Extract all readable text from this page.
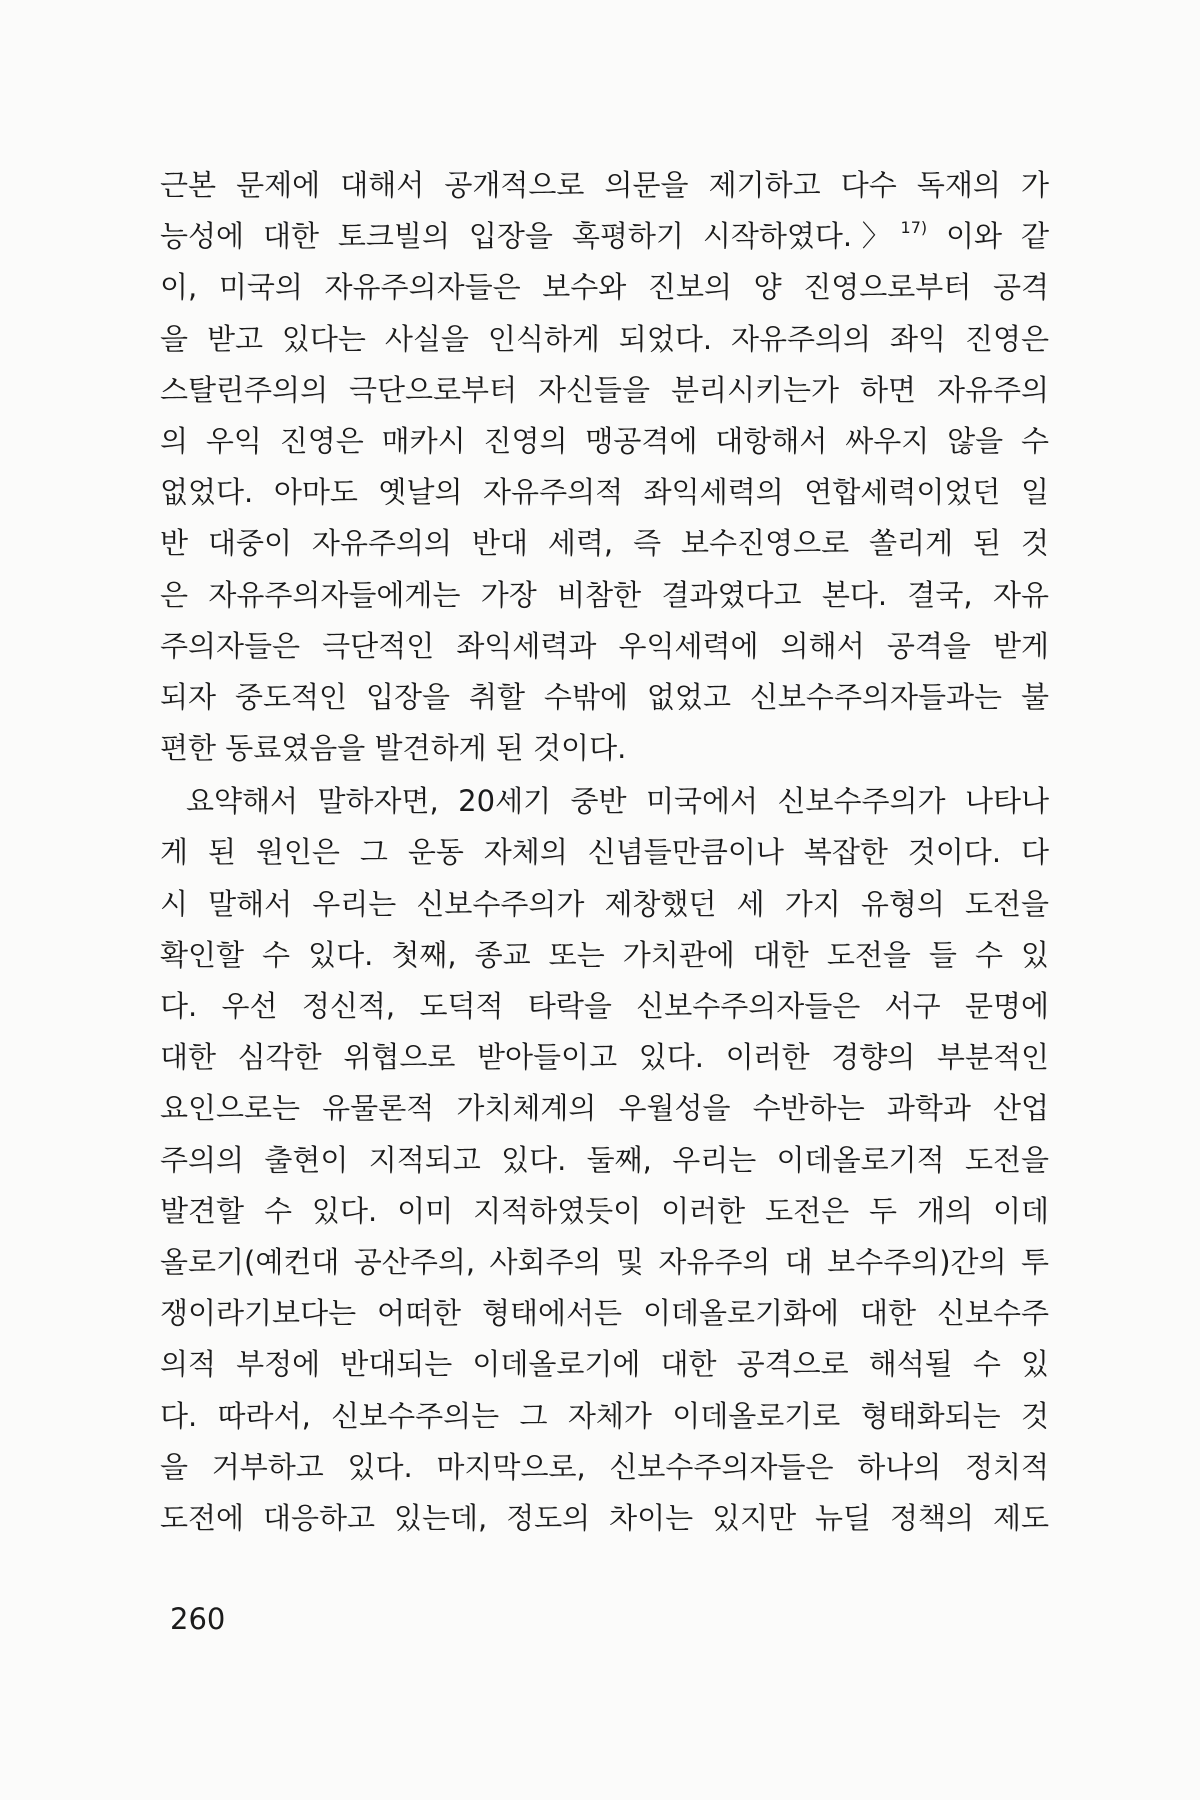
근본 문제에 대해서 공개적으로 의문을 제기하고 다수 독재의 가
능성에 대한 토크빌의 입장을 혹평하기 시작하였다.〉$^{17)}$ 이와 같
이, 미국의 자유주의자들은 보수와 진보의 양 진영으로부터 공격
을 받고 있다는 사실을 인식하게 되었다. 자유주의의 좌익 진영은
스탈린주의의 극단으로부터 자신들을 분리시키는가 하면 자유주의
의 우익 진영은 매카시 진영의 맹공격에 대항해서 싸우지 않을 수
없었다. 아마도 옛날의 자유주의적 좌익세력의 연합세력이었던 일
반 대중이 자유주의의 반대 세력, 즉 보수진영으로 쏠리게 된 것
은 자유주의자들에게는 가장 비참한 결과였다고 본다. 결국, 자유
주의자들은 극단적인 좌익세력과 우익세력에 의해서 공격을 받게
되자 중도적인 입장을 취할 수밖에 없었고 신보수주의자들과는 불
편한 동료였음을 발견하게 된 것이다.
요약해서 말하자면, 20세기 중반 미국에서 신보수주의가 나타나
게 된 원인은 그 운동 자체의 신념들만큼이나 복잡한 것이다. 다
시 말해서 우리는 신보수주의가 제창했던 세 가지 유형의 도전을
확인할 수 있다. 첫째, 종교 또는 가치관에 대한 도전을 들 수 있
다. 우선 정신적, 도덕적 타락을 신보수주의자들은 서구 문명에
대한 심각한 위협으로 받아들이고 있다. 이러한 경향의 부분적인
요인으로는 유물론적 가치체계의 우월성을 수반하는 과학과 산업
주의의 출현이 지적되고 있다. 둘째, 우리는 이데올로기적 도전을
발견할 수 있다. 이미 지적하였듯이 이러한 도전은 두 개의 이데
올로기(예컨대 공산주의, 사회주의 및 자유주의 대 보수주의)간의 투
쟁이라기보다는 어떠한 형태에서든 이데올로기화에 대한 신보수주
의적 부정에 반대되는 이데올로기에 대한 공격으로 해석될 수 있
다. 따라서, 신보수주의는 그 자체가 이데올로기로 형태화되는 것
을 거부하고 있다. 마지막으로, 신보수주의자들은 하나의 정치적
도전에 대응하고 있는데, 정도의 차이는 있지만 뉴딜 정책의 제도
260
